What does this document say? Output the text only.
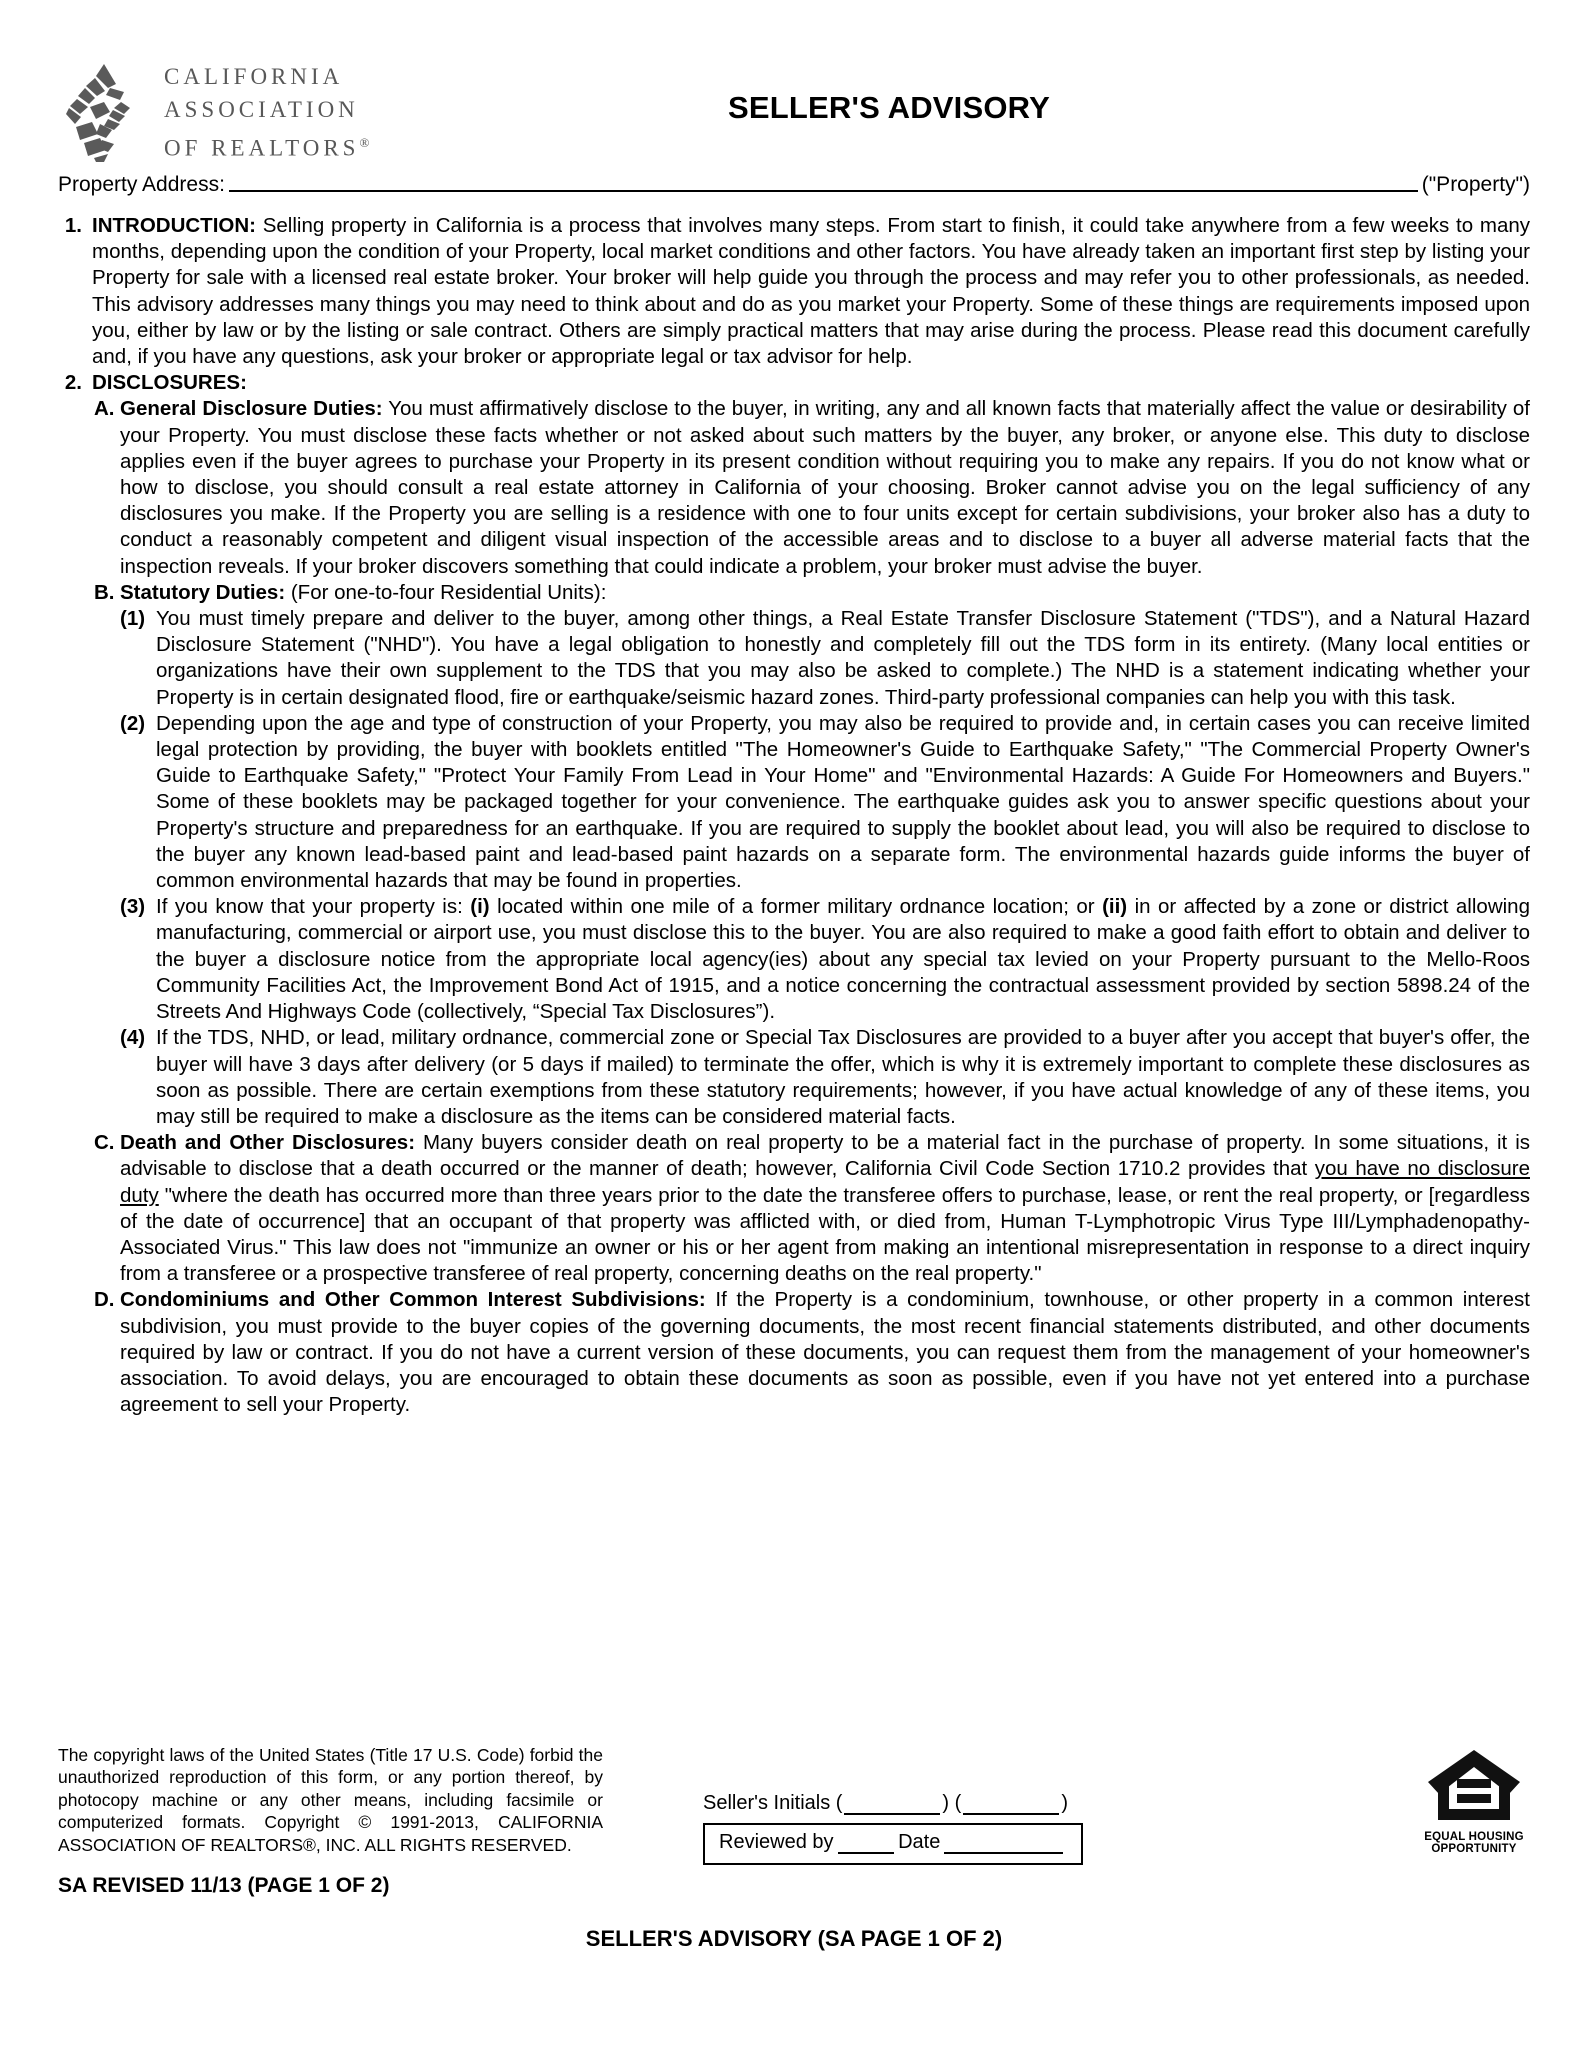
CALIFORNIA
ASSOCIATION
OF REALTORS®
SELLER'S ADVISORY
Property Address:	("Property")
1. INTRODUCTION: Selling property in California is a process that involves many steps. From start to finish, it could take anywhere from a few weeks to many months, depending upon the condition of your Property, local market conditions and other factors. You have already taken an important first step by listing your Property for sale with a licensed real estate broker. Your broker will help guide you through the process and may refer you to other professionals, as needed. This advisory addresses many things you may need to think about and do as you market your Property. Some of these things are requirements imposed upon you, either by law or by the listing or sale contract. Others are simply practical matters that may arise during the process. Please read this document carefully and, if you have any questions, ask your broker or appropriate legal or tax advisor for help.
2. DISCLOSURES:
A. General Disclosure Duties: You must affirmatively disclose to the buyer, in writing, any and all known facts that materially affect the value or desirability of your Property. You must disclose these facts whether or not asked about such matters by the buyer, any broker, or anyone else. This duty to disclose applies even if the buyer agrees to purchase your Property in its present condition without requiring you to make any repairs. If you do not know what or how to disclose, you should consult a real estate attorney in California of your choosing. Broker cannot advise you on the legal sufficiency of any disclosures you make. If the Property you are selling is a residence with one to four units except for certain subdivisions, your broker also has a duty to conduct a reasonably competent and diligent visual inspection of the accessible areas and to disclose to a buyer all adverse material facts that the inspection reveals. If your broker discovers something that could indicate a problem, your broker must advise the buyer.
B. Statutory Duties: (For one-to-four Residential Units):
(1) You must timely prepare and deliver to the buyer, among other things, a Real Estate Transfer Disclosure Statement ("TDS"), and a Natural Hazard Disclosure Statement ("NHD"). You have a legal obligation to honestly and completely fill out the TDS form in its entirety. (Many local entities or organizations have their own supplement to the TDS that you may also be asked to complete.) The NHD is a statement indicating whether your Property is in certain designated flood, fire or earthquake/seismic hazard zones. Third-party professional companies can help you with this task.
(2) Depending upon the age and type of construction of your Property, you may also be required to provide and, in certain cases you can receive limited legal protection by providing, the buyer with booklets entitled "The Homeowner's Guide to Earthquake Safety," "The Commercial Property Owner's Guide to Earthquake Safety," "Protect Your Family From Lead in Your Home" and "Environmental Hazards: A Guide For Homeowners and Buyers." Some of these booklets may be packaged together for your convenience. The earthquake guides ask you to answer specific questions about your Property's structure and preparedness for an earthquake. If you are required to supply the booklet about lead, you will also be required to disclose to the buyer any known lead-based paint and lead-based paint hazards on a separate form. The environmental hazards guide informs the buyer of common environmental hazards that may be found in properties.
(3) If you know that your property is: (i) located within one mile of a former military ordnance location; or (ii) in or affected by a zone or district allowing manufacturing, commercial or airport use, you must disclose this to the buyer. You are also required to make a good faith effort to obtain and deliver to the buyer a disclosure notice from the appropriate local agency(ies) about any special tax levied on your Property pursuant to the Mello-Roos Community Facilities Act, the Improvement Bond Act of 1915, and a notice concerning the contractual assessment provided by section 5898.24 of the Streets And Highways Code (collectively, “Special Tax Disclosures”).
(4) If the TDS, NHD, or lead, military ordnance, commercial zone or Special Tax Disclosures are provided to a buyer after you accept that buyer's offer, the buyer will have 3 days after delivery (or 5 days if mailed) to terminate the offer, which is why it is extremely important to complete these disclosures as soon as possible. There are certain exemptions from these statutory requirements; however, if you have actual knowledge of any of these items, you may still be required to make a disclosure as the items can be considered material facts.
C. Death and Other Disclosures: Many buyers consider death on real property to be a material fact in the purchase of property. In some situations, it is advisable to disclose that a death occurred or the manner of death; however, California Civil Code Section 1710.2 provides that you have no disclosure duty "where the death has occurred more than three years prior to the date the transferee offers to purchase, lease, or rent the real property, or [regardless of the date of occurrence] that an occupant of that property was afflicted with, or died from, Human T-Lymphotropic Virus Type III/Lymphadenopathy-Associated Virus." This law does not "immunize an owner or his or her agent from making an intentional misrepresentation in response to a direct inquiry from a transferee or a prospective transferee of real property, concerning deaths on the real property."
D. Condominiums and Other Common Interest Subdivisions: If the Property is a condominium, townhouse, or other property in a common interest subdivision, you must provide to the buyer copies of the governing documents, the most recent financial statements distributed, and other documents required by law or contract. If you do not have a current version of these documents, you can request them from the management of your homeowner's association. To avoid delays, you are encouraged to obtain these documents as soon as possible, even if you have not yet entered into a purchase agreement to sell your Property.
The copyright laws of the United States (Title 17 U.S. Code) forbid the unauthorized reproduction of this form, or any portion thereof, by photocopy machine or any other means, including facsimile or computerized formats. Copyright © 1991-2013, CALIFORNIA ASSOCIATION OF REALTORS®, INC. ALL RIGHTS RESERVED.
SA REVISED 11/13 (PAGE 1 OF 2)
Seller's Initials (	) (	)
Reviewed by	Date	EQUAL HOUSING
OPPORTUNITY
SELLER'S ADVISORY (SA PAGE 1 OF 2)
